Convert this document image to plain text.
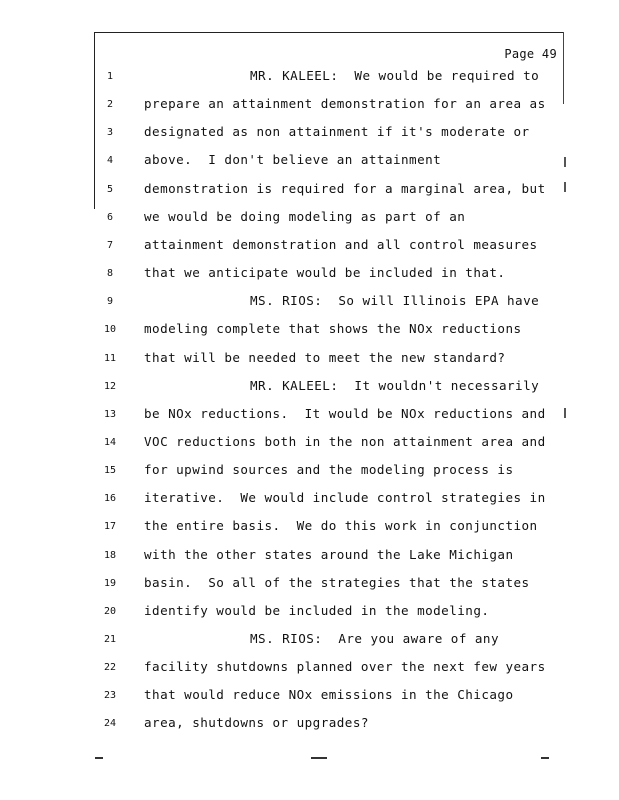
Page 49
1	MR. KALEEL:  We would be required to
2	prepare an attainment demonstration for an area as
3	designated as non attainment if it's moderate or
4	above.  I don't believe an attainment
5	demonstration is required for a marginal area, but
6	we would be doing modeling as part of an
7	attainment demonstration and all control measures
8	that we anticipate would be included in that.
9	MS. RIOS:  So will Illinois EPA have
10	modeling complete that shows the NOx reductions
11	that will be needed to meet the new standard?
12	MR. KALEEL:  It wouldn't necessarily
13	be NOx reductions.  It would be NOx reductions and
14	VOC reductions both in the non attainment area and
15	for upwind sources and the modeling process is
16	iterative.  We would include control strategies in
17	the entire basis.  We do this work in conjunction
18	with the other states around the Lake Michigan
19	basin.  So all of the strategies that the states
20	identify would be included in the modeling.
21	MS. RIOS:  Are you aware of any
22	facility shutdowns planned over the next few years
23	that would reduce NOx emissions in the Chicago
24	area, shutdowns or upgrades?
